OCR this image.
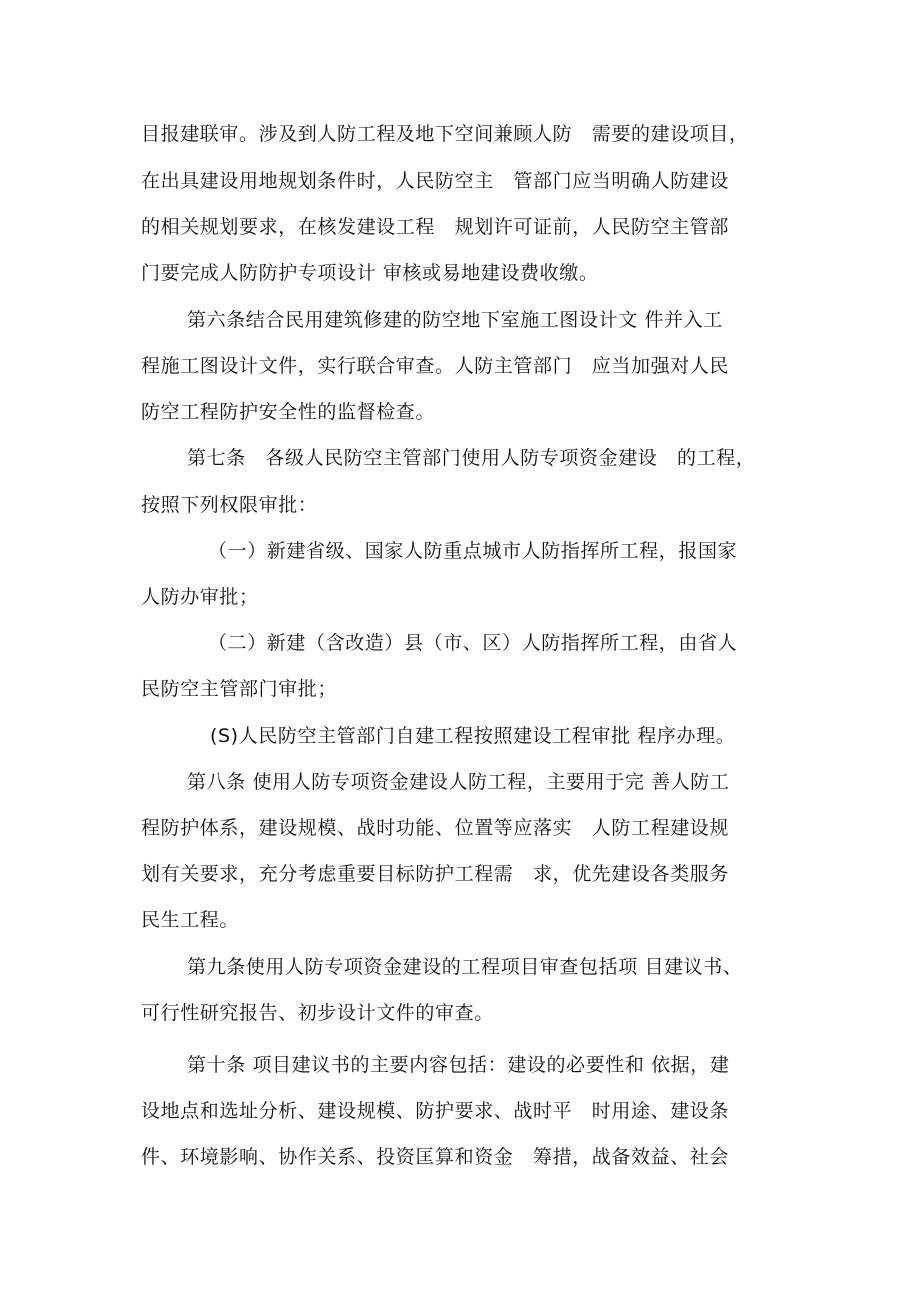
目报建联审。涉及到人防工程及地下空间兼顾人防　需要的建设项目，

在出具建设用地规划条件时，人民防空主　管部门应当明确人防建设

的相关规划要求，在核发建设工程　规划许可证前，人民防空主管部

门要完成人防防护专项设计 审核或易地建设费收缴。

第六条结合民用建筑修建的防空地下室施工图设计文 件并入工

程施工图设计文件，实行联合审查。人防主管部门　应当加强对人民

防空工程防护安全性的监督检查。

第七条　各级人民防空主管部门使用人防专项资金建设　的工程，

按照下列权限审批：

（一）新建省级、国家人防重点城市人防指挥所工程，报国家

人防办审批；

（二）新建（含改造）县（市、区）人防指挥所工程，由省人

民防空主管部门审批；

(S)人民防空主管部门自建工程按照建设工程审批 程序办理。

第八条 使用人防专项资金建设人防工程，主要用于完 善人防工

程防护体系，建设规模、战时功能、位置等应落实　人防工程建设规

划有关要求，充分考虑重要目标防护工程需　求，优先建设各类服务

民生工程。

第九条使用人防专项资金建设的工程项目审查包括项 目建议书、

可行性研究报告、初步设计文件的审查。

第十条 项目建议书的主要内容包括：建设的必要性和 依据，建

设地点和选址分析、建设规模、防护要求、战时平　时用途、建设条

件、环境影响、协作关系、投资匡算和资金　筹措，战备效益、社会
